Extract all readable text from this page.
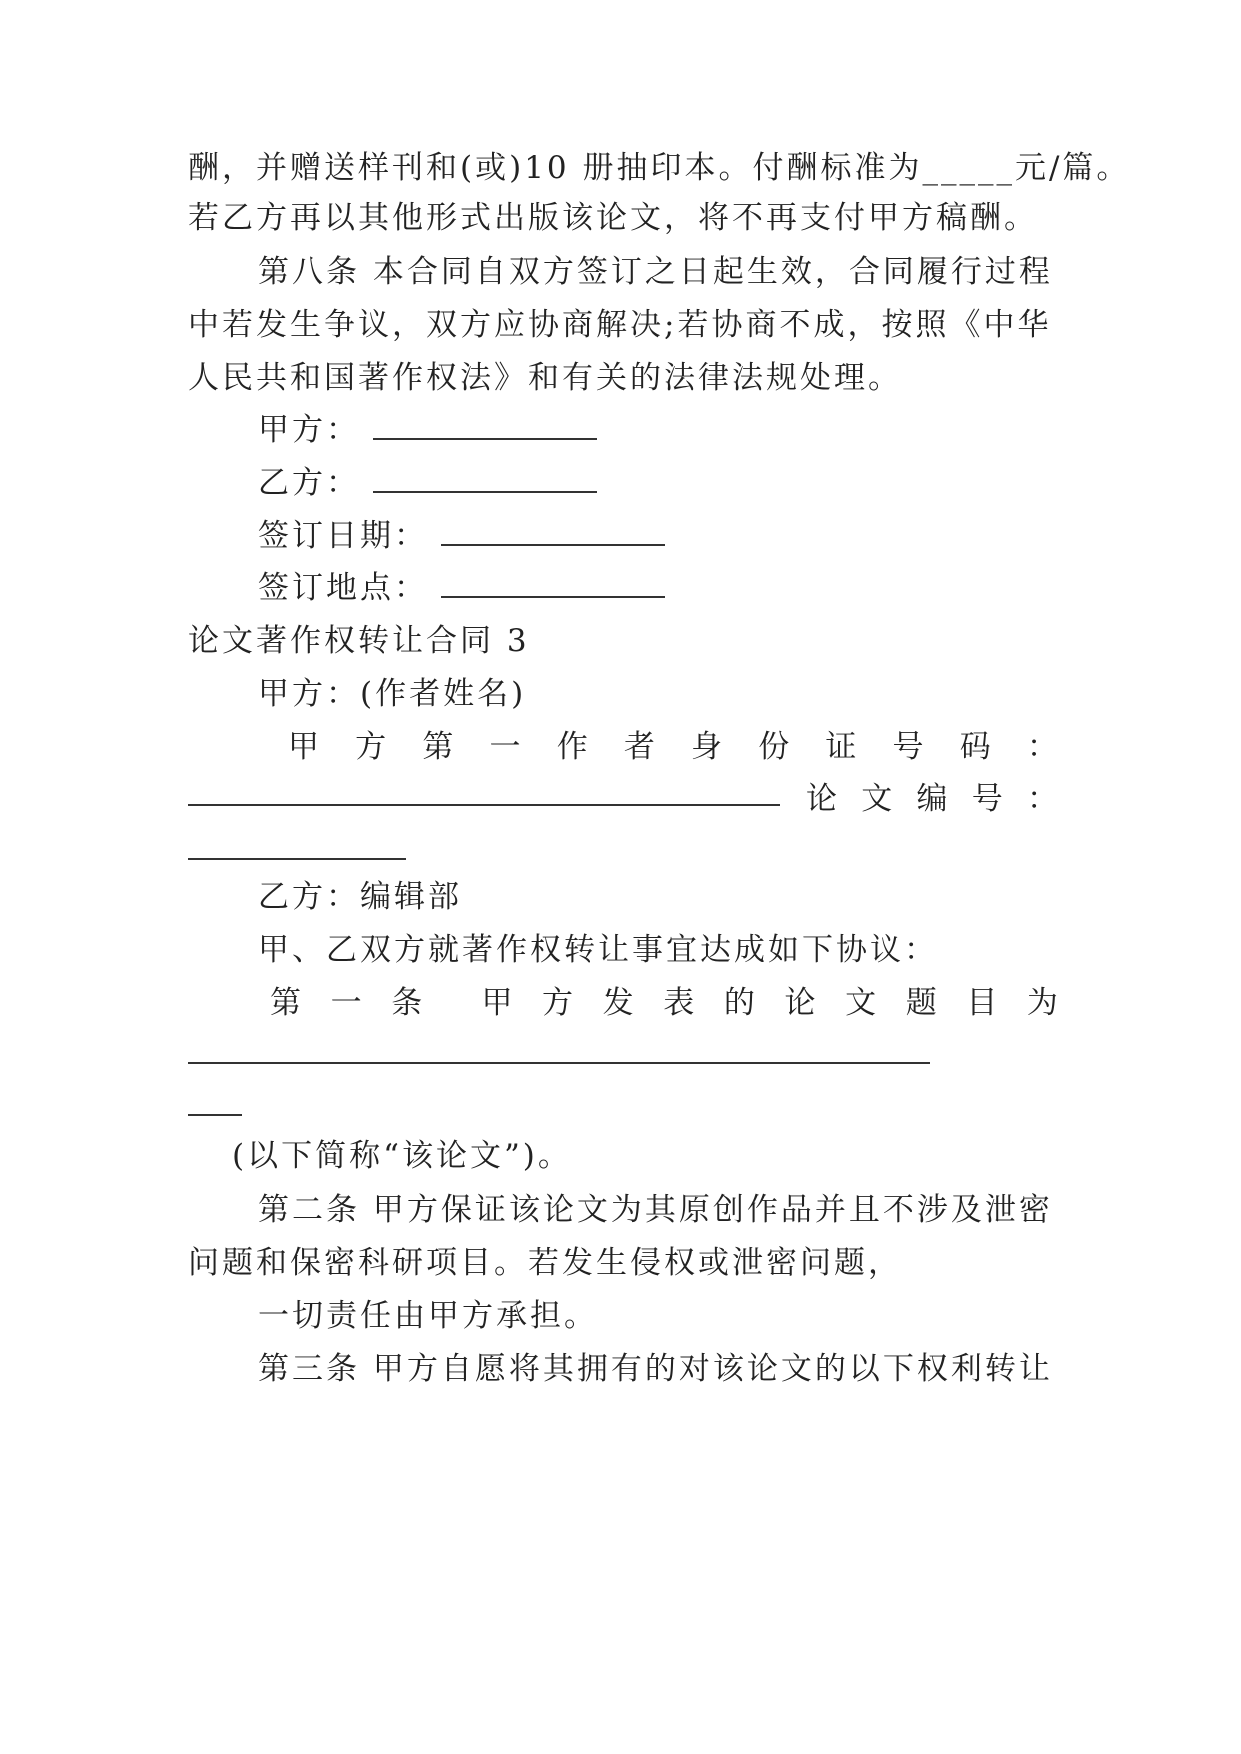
酬，并赠送样刊和(或)10 册抽印本。付酬标准为_____元/篇。
若乙方再以其他形式出版该论文，将不再支付甲方稿酬。
第八条 本合同自双方签订之日起生效，合同履行过程
中若发生争议，双方应协商解决;若协商不成，按照《中华
人民共和国著作权法》和有关的法律法规处理。
甲方：
乙方：
签订日期：
签订地点：
论文著作权转让合同 3
甲方：(作者姓名)
甲 方 第 一 作 者 身 份 证 号 码 ：
论 文 编 号 ：
乙方：编辑部
甲、乙双方就著作权转让事宜达成如下协议：
第 一 条 甲 方 发 表 的 论 文 题 目 为
(以下简称“该论文”)。
第二条 甲方保证该论文为其原创作品并且不涉及泄密
问题和保密科研项目。若发生侵权或泄密问题，
一切责任由甲方承担。
第三条 甲方自愿将其拥有的对该论文的以下权利转让
